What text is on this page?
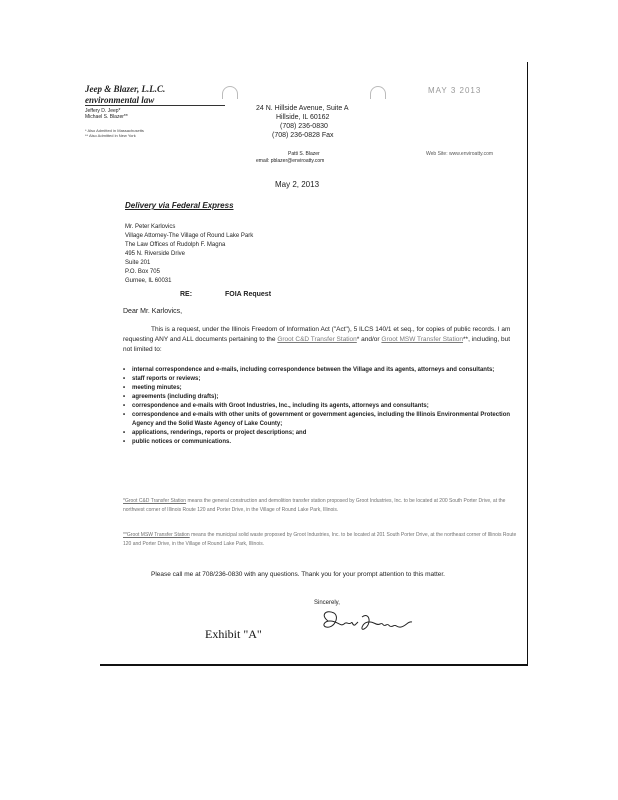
Jeep & Blazer, L.L.C.
environmental law
Jeffery D. Jeep*
Michael S. Blazer**
* Also Admitted in Massachusetts
** Also Admitted in New York
MAY 3 2013
24 N. Hillside Avenue, Suite A
Hillside, IL 60162
(708) 236-0830
(708) 236-0828 Fax
Patti S. Blazer
email: pblazer@enviroatty.com
Web Site: www.enviroatty.com
May 2, 2013
Delivery via Federal Express
Mr. Peter Karlovics
Village Attorney-The Village of Round Lake Park
The Law Offices of Rudolph F. Magna
495 N. Riverside Drive
Suite 201
P.O. Box 705
Gurnee, IL 60031
RE:	FOIA Request
Dear Mr. Karlovics,
This is a request, under the Illinois Freedom of Information Act ("Act"), 5 ILCS 140/1 et seq., for copies of public records. I am requesting ANY and ALL documents pertaining to the Groot C&D Transfer Station* and/or Groot MSW Transfer Station**, including, but not limited to:
• internal correspondence and e-mails, including correspondence between the Village and its agents, attorneys and consultants;
• staff reports or reviews;
• meeting minutes;
• agreements (including drafts);
• correspondence and e-mails with Groot Industries, Inc., including its agents, attorneys and consultants;
• correspondence and e-mails with other units of government or government agencies, including the Illinois Environmental Protection Agency and the Solid Waste Agency of Lake County;
• applications, renderings, reports or project descriptions; and
• public notices or communications.
*Groot C&D Transfer Station means the general construction and demolition transfer station proposed by Groot Industries, Inc. to be located at 200 South Porter Drive, at the northwest corner of Illinois Route 120 and Porter Drive, in the Village of Round Lake Park, Illinois.
**Groot MSW Transfer Station means the municipal solid waste proposed by Groot Industries, Inc. to be located at 201 South Porter Drive, at the northeast corner of Illinois Route 120 and Porter Drive, in the Village of Round Lake Park, Illinois.
Please call me at 708/236-0830 with any questions. Thank you for your prompt attention to this matter.
Sincerely,
Exhibit "A"
